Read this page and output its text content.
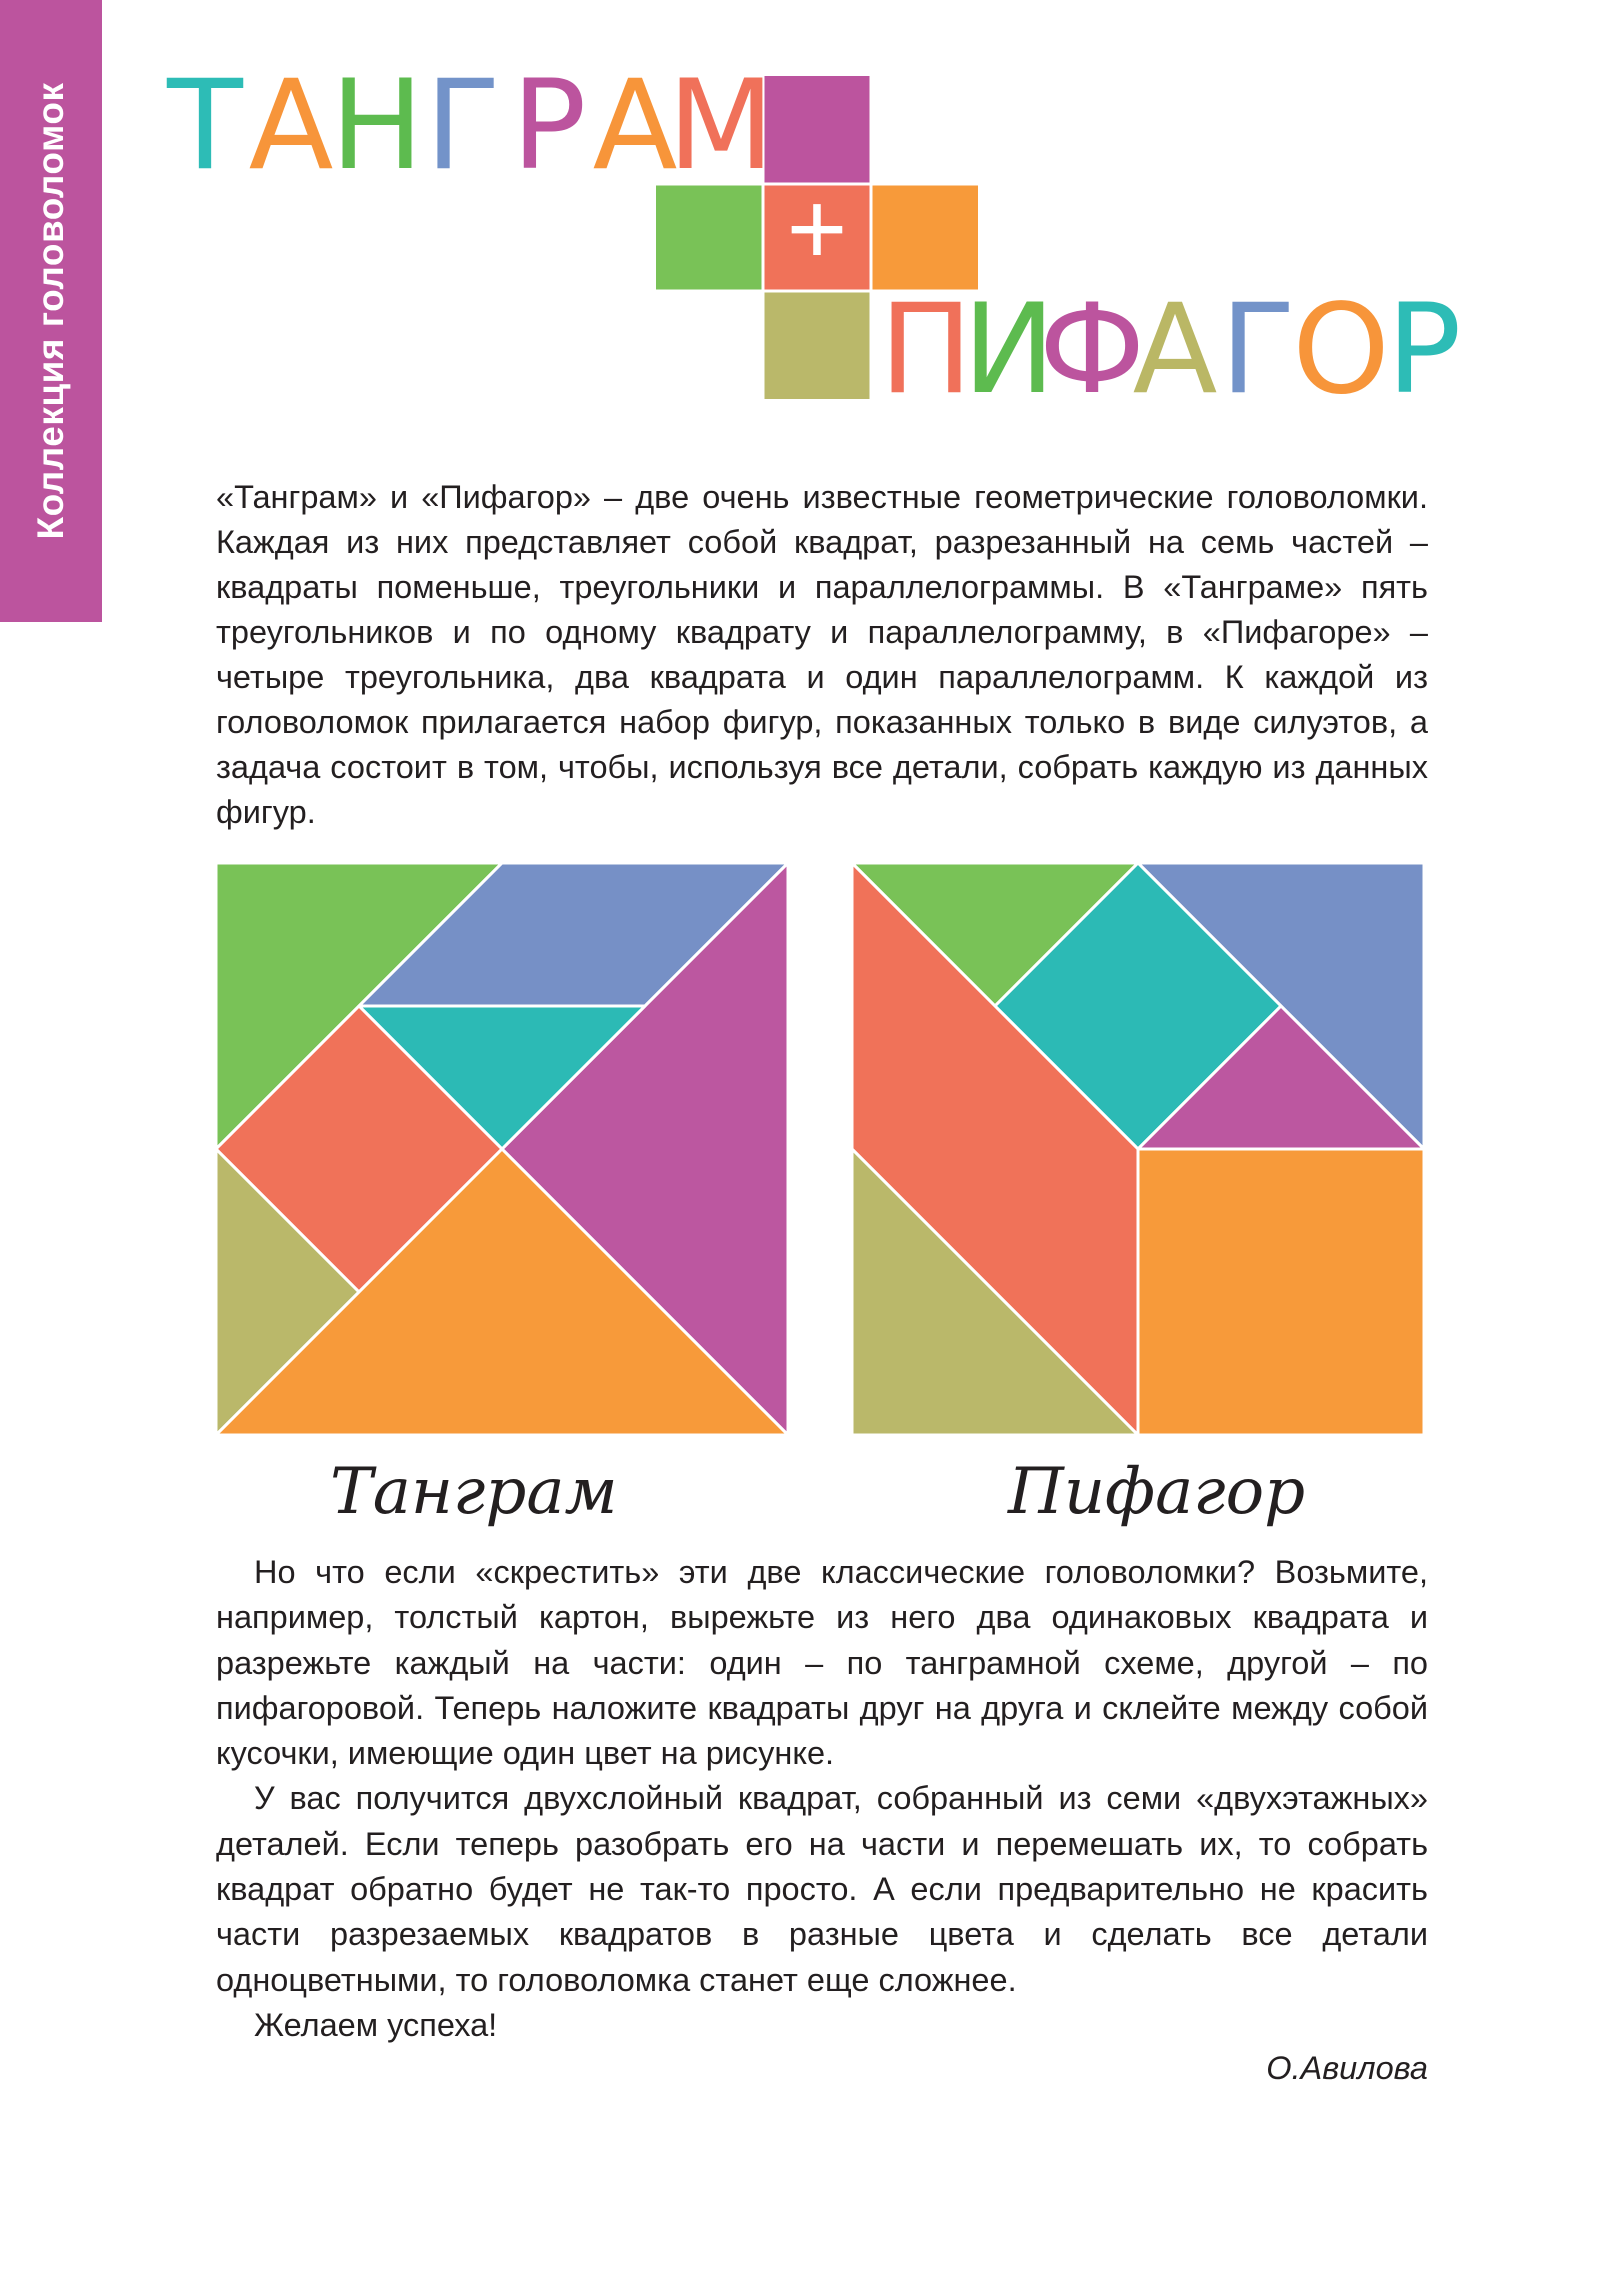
Коллекция головоломок	+
Т А
Н Г Р А
М
П
И
Ф
А Г
О
Р

«Танграм» и «Пифагор» – две очень известные геометрические головоломки. Каждая из них представляет собой квадрат, разрезанный на семь частей – квадраты поменьше, треугольники и параллелограммы. В «Танграме» пять треугольников и по одному квадрату и параллелограмму, в «Пифагоре» – четыре треугольника, два квадрата и один параллелограмм. К каждой из головоломок прилагается набор фигур, показанных только в виде силуэтов, а задача состоит в том, чтобы, используя все детали, собрать каждую из данных фигур.

Танграм	Пифагор

Но что если «скрестить» эти две классические головоломки? Возьмите, например, толстый картон, вырежьте из него два одинаковых квадрата и разрежьте каждый на части: один – по танграмной схеме, другой – по пифагоровой. Теперь наложите квадраты друг на друга и склейте между собой кусочки, имеющие один цвет на рисунке.

У вас получится двухслойный квадрат, собранный из семи «двухэтажных» деталей. Если теперь разобрать его на части и перемешать их, то собрать квадрат обратно будет не так-то просто. А если предварительно не красить части разрезаемых квадратов в разные цвета и сделать все детали одноцветными, то головоломка станет еще сложнее.

Желаем успеха!

О.Авилова
